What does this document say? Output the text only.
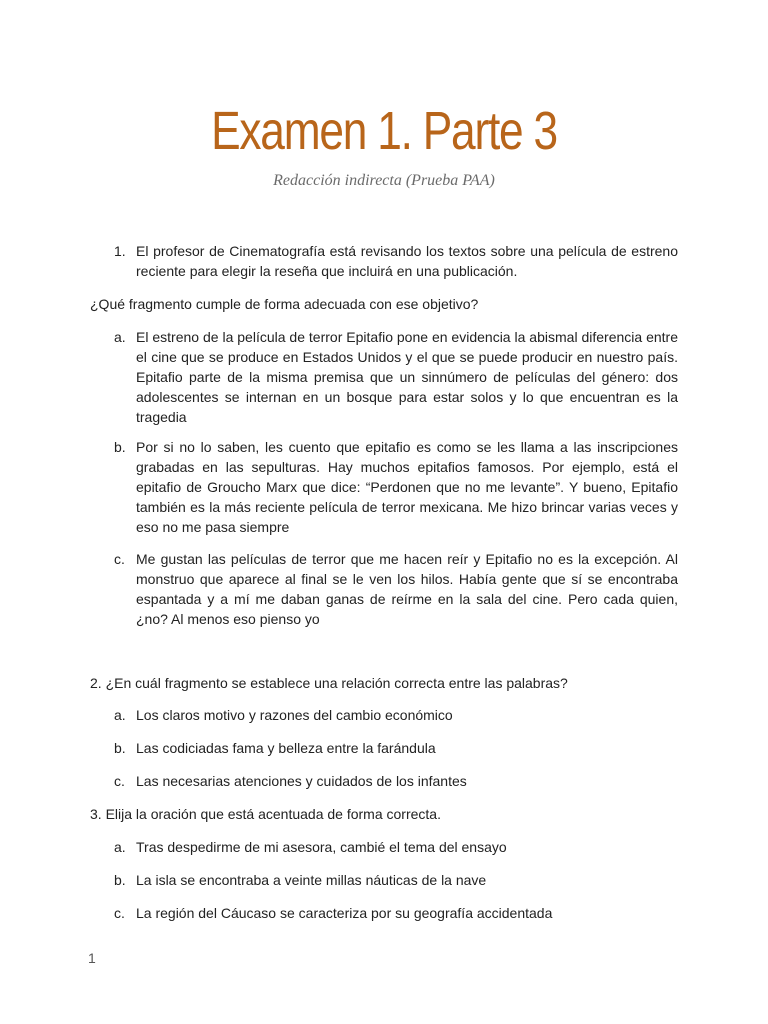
Examen 1. Parte 3
Redacción indirecta (Prueba PAA)
1. El profesor de Cinematografía está revisando los textos sobre una película de estreno reciente para elegir la reseña que incluirá en una publicación.
¿Qué fragmento cumple de forma adecuada con ese objetivo?
a. El estreno de la película de terror Epitafio pone en evidencia la abismal diferencia entre el cine que se produce en Estados Unidos y el que se puede producir en nuestro país. Epitafio parte de la misma premisa que un sinnúmero de películas del género: dos adolescentes se internan en un bosque para estar solos y lo que encuentran es la tragedia
b. Por si no lo saben, les cuento que epitafio es como se les llama a las inscripciones grabadas en las sepulturas. Hay muchos epitafios famosos. Por ejemplo, está el epitafio de Groucho Marx que dice: “Perdonen que no me levante”. Y bueno, Epitafio también es la más reciente película de terror mexicana. Me hizo brincar varias veces y eso no me pasa siempre
c. Me gustan las películas de terror que me hacen reír y Epitafio no es la excepción. Al monstruo que aparece al final se le ven los hilos. Había gente que sí se encontraba espantada y a mí me daban ganas de reírme en la sala del cine. Pero cada quien, ¿no? Al menos eso pienso yo
2. ¿En cuál fragmento se establece una relación correcta entre las palabras?
a. Los claros motivo y razones del cambio económico
b. Las codiciadas fama y belleza entre la farándula
c. Las necesarias atenciones y cuidados de los infantes
3. Elija la oración que está acentuada de forma correcta.
a. Tras despedirme de mi asesora, cambié el tema del ensayo
b. La isla se encontraba a veinte millas náuticas de la nave
c. La región del Cáucaso se caracteriza por su geografía accidentada
1
